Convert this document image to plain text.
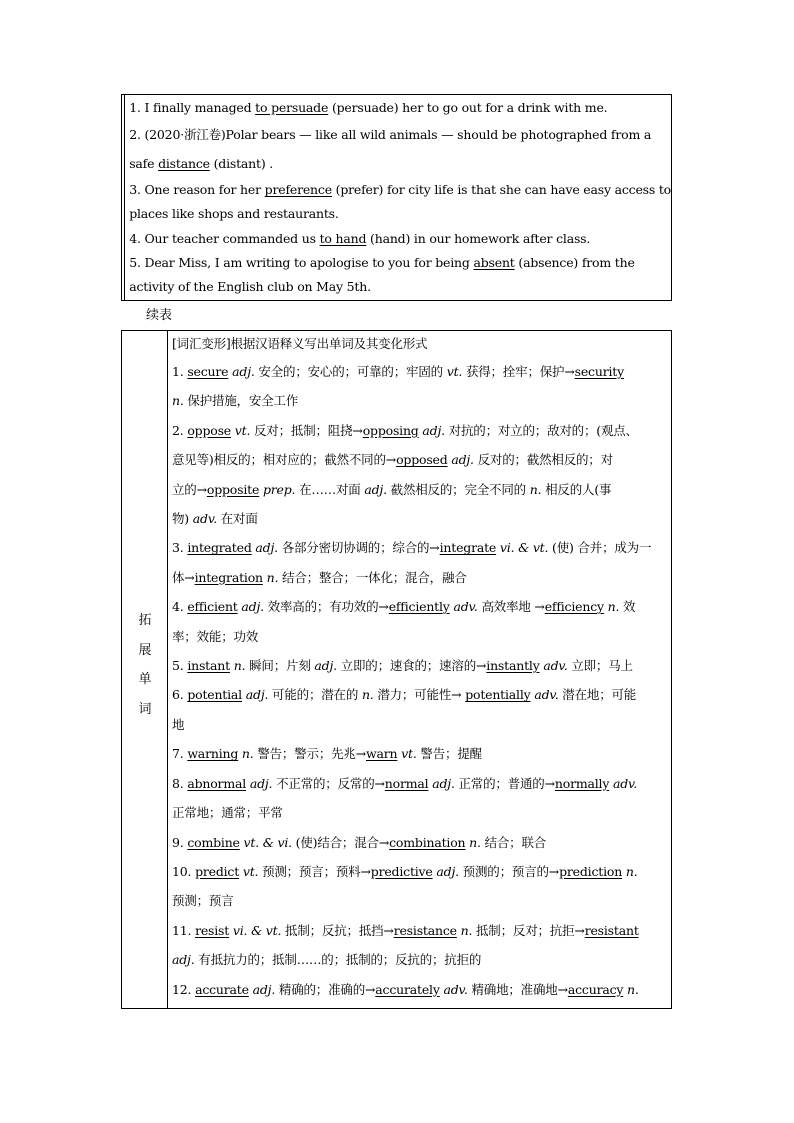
1. I finally managed to persuade (persuade) her to go out for a drink with me.
2. (2020·浙江卷)Polar bears — like all wild animals — should be photographed from a
safe distance (distant) .
3. One reason for her preference (prefer) for city life is that she can have easy access to
places like shops and restaurants.
4. Our teacher commanded us to hand (hand) in our homework after class.
5. Dear Miss, I am writing to apologise to you for being absent (absence) from the
activity of the English club on May 5th.
续表
拓
展
单
词
[词汇变形]根据汉语释义写出单词及其变化形式
1. secure adj. 安全的；安心的；可靠的；牢固的 vt. 获得；拴牢；保护→security
n. 保护措施，安全工作
2. oppose vt. 反对；抵制；阻挠→opposing adj. 对抗的；对立的；敌对的；(观点、
意见等)相反的；相对应的；截然不同的→opposed adj. 反对的；截然相反的；对
立的→opposite prep. 在……对面 adj. 截然相反的；完全不同的 n. 相反的人(事
物) adv. 在对面
3. integrated adj. 各部分密切协调的；综合的→integrate vi. & vt. (使) 合并；成为一
体→integration n. 结合；整合；一体化；混合，融合
4. efficient adj. 效率高的；有功效的→efficiently adv. 高效率地 →efficiency n. 效
率；效能；功效
5. instant n. 瞬间；片刻 adj. 立即的；速食的；速溶的→instantly adv. 立即；马上
6. potential adj. 可能的；潜在的 n. 潜力；可能性→ potentially adv. 潜在地；可能
地
7. warning n. 警告；警示；先兆→warn vt. 警告；提醒
8. abnormal adj. 不正常的；反常的→normal adj. 正常的；普通的→normally adv.
正常地；通常；平常
9. combine vt. & vi. (使)结合；混合→combination n. 结合；联合
10. predict vt. 预测；预言；预料→predictive adj. 预测的；预言的→prediction n.
预测；预言
11. resist vi. & vt. 抵制；反抗；抵挡→resistance n. 抵制；反对；抗拒→resistant
adj. 有抵抗力的；抵制……的；抵制的；反抗的；抗拒的
12. accurate adj. 精确的；准确的→accurately adv. 精确地；准确地→accuracy n.
